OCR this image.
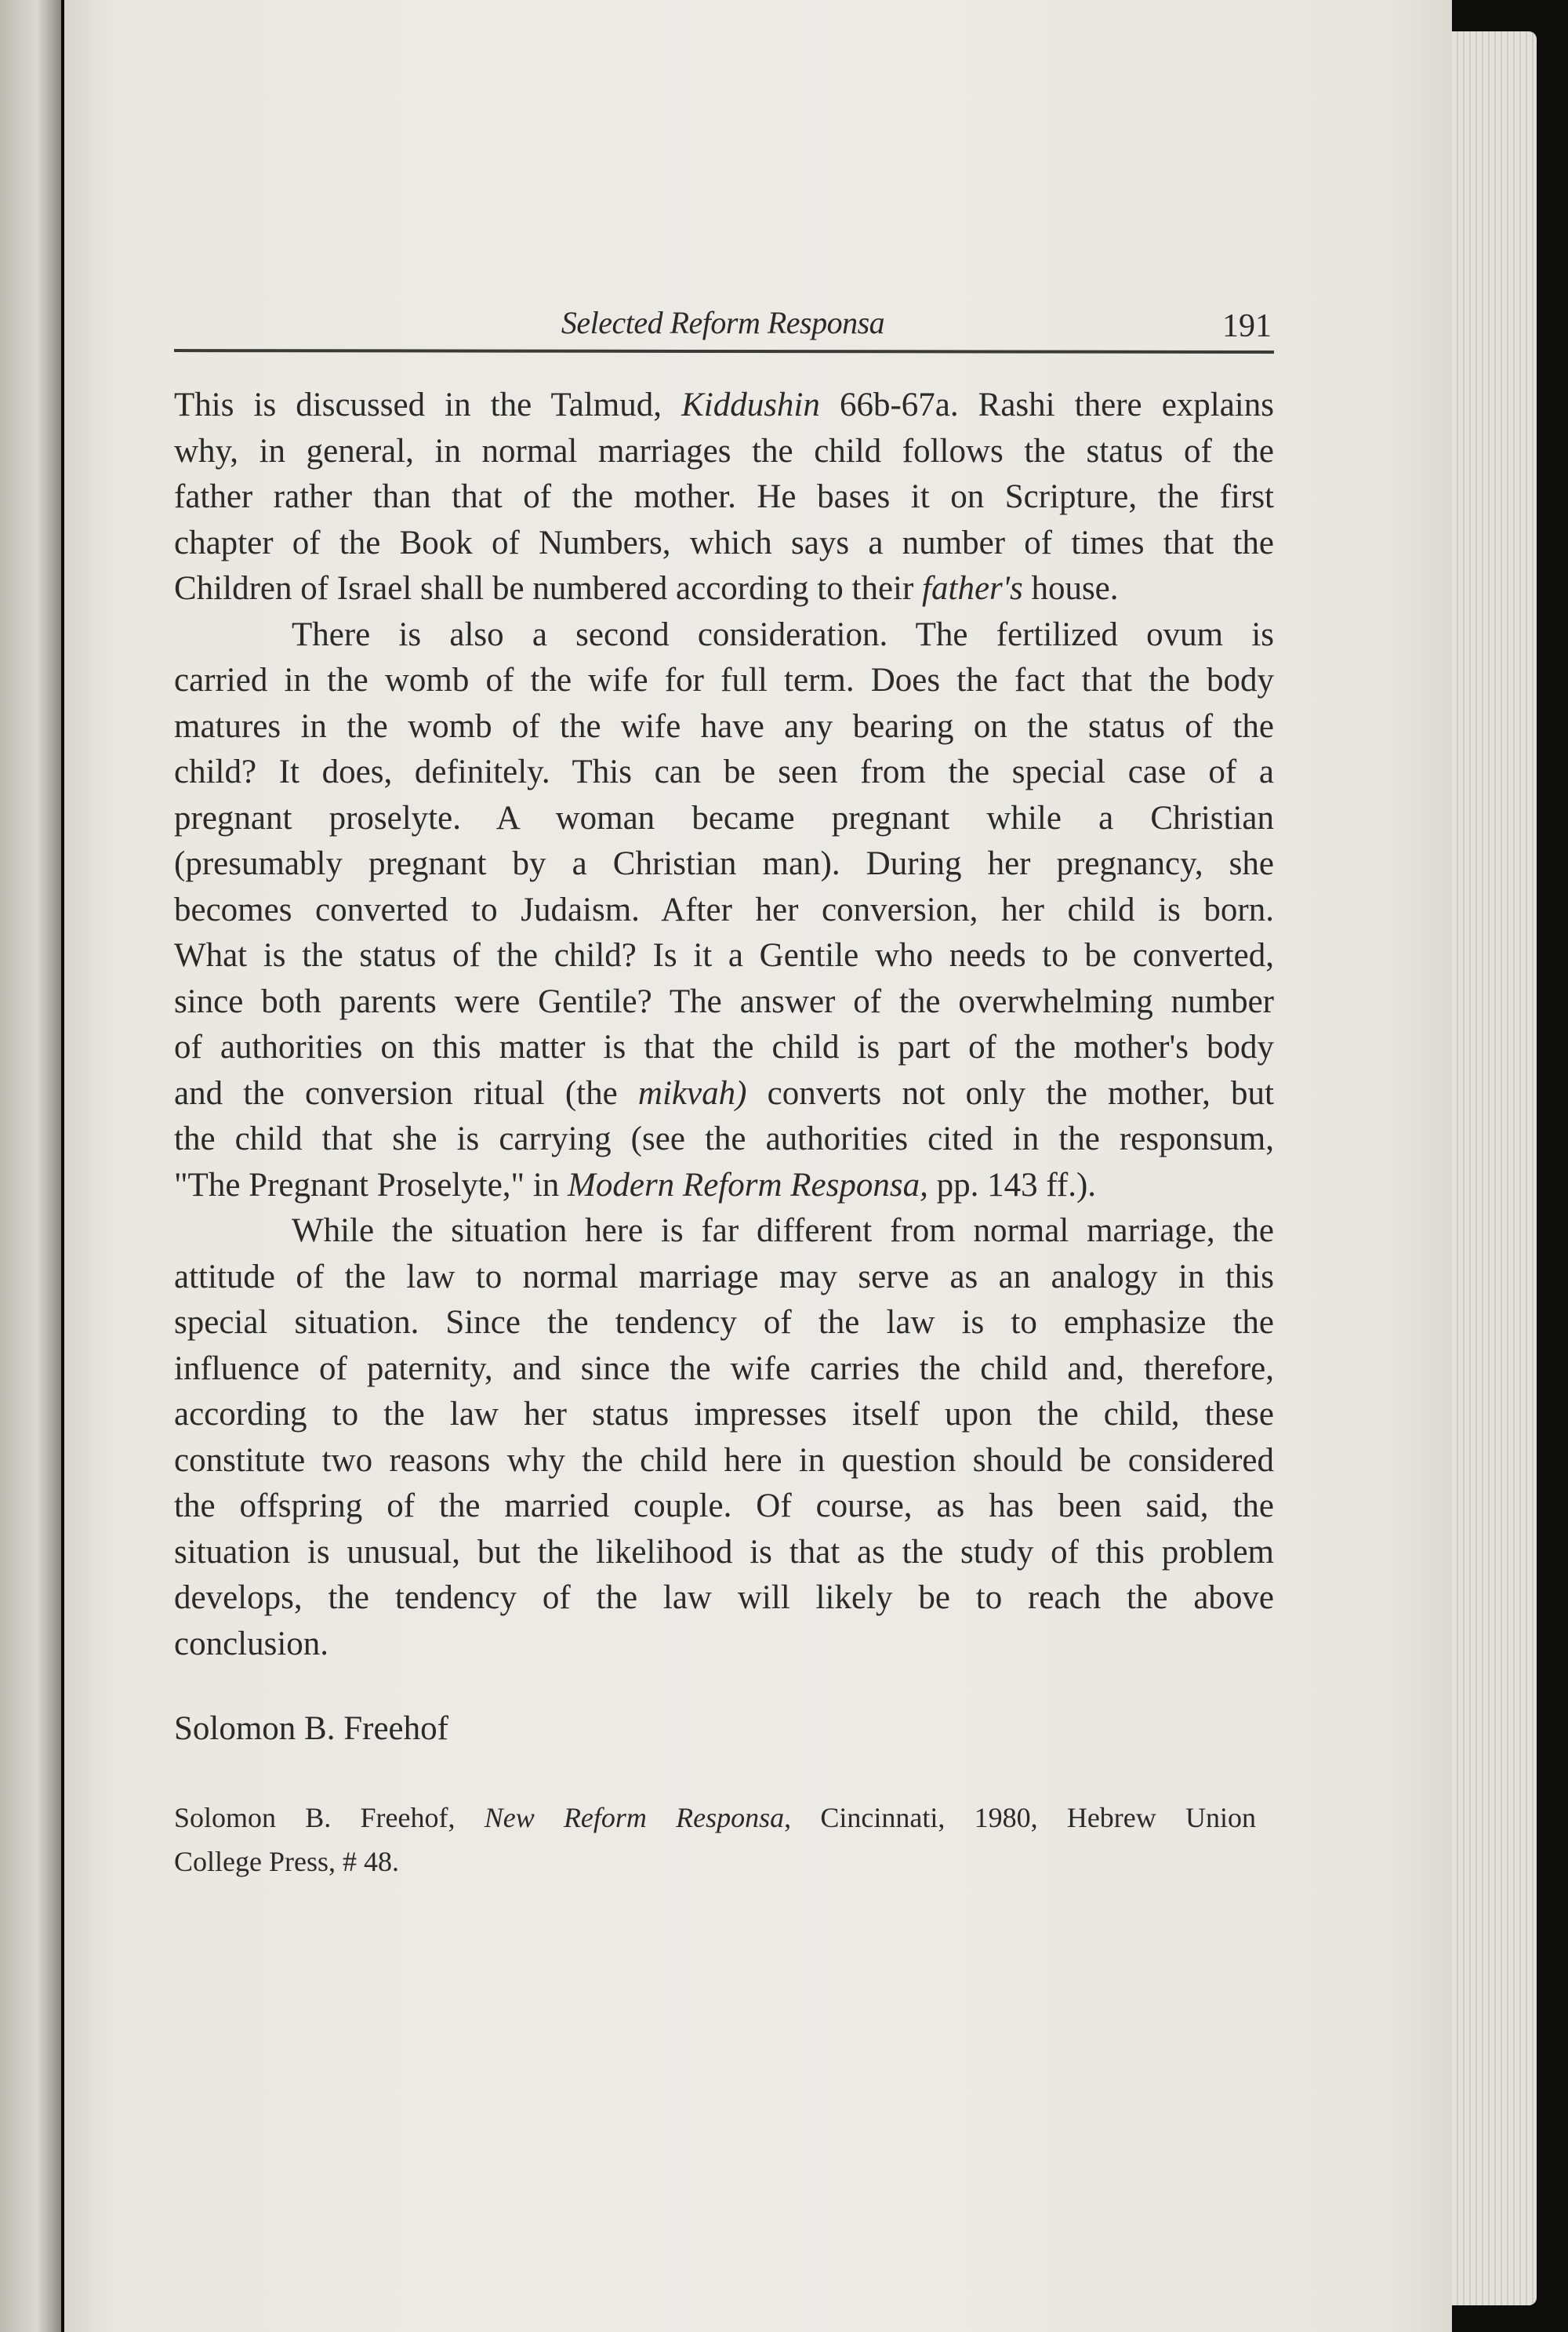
Selected Reform Responsa	191
This is discussed in the Talmud, Kiddushin 66b-67a. Rashi there explains
why, in general, in normal marriages the child follows the status of the
father rather than that of the mother. He bases it on Scripture, the first
chapter of the Book of Numbers, which says a number of times that the
Children of Israel shall be numbered according to their father's house.
There is also a second consideration. The fertilized ovum is
carried in the womb of the wife for full term. Does the fact that the body
matures in the womb of the wife have any bearing on the status of the
child? It does, definitely. This can be seen from the special case of a
pregnant proselyte. A woman became pregnant while a Christian
(presumably pregnant by a Christian man). During her pregnancy, she
becomes converted to Judaism. After her conversion, her child is born.
What is the status of the child? Is it a Gentile who needs to be converted,
since both parents were Gentile? The answer of the overwhelming number
of authorities on this matter is that the child is part of the mother's body
and the conversion ritual (the mikvah) converts not only the mother, but
the child that she is carrying (see the authorities cited in the responsum,
"The Pregnant Proselyte," in Modern Reform Responsa, pp. 143 ff.).
While the situation here is far different from normal marriage, the
attitude of the law to normal marriage may serve as an analogy in this
special situation. Since the tendency of the law is to emphasize the
influence of paternity, and since the wife carries the child and, therefore,
according to the law her status impresses itself upon the child, these
constitute two reasons why the child here in question should be considered
the offspring of the married couple. Of course, as has been said, the
situation is unusual, but the likelihood is that as the study of this problem
develops, the tendency of the law will likely be to reach the above
conclusion.
Solomon B. Freehof
Solomon B. Freehof, New Reform Responsa, Cincinnati, 1980, Hebrew Union
College Press, # 48.
